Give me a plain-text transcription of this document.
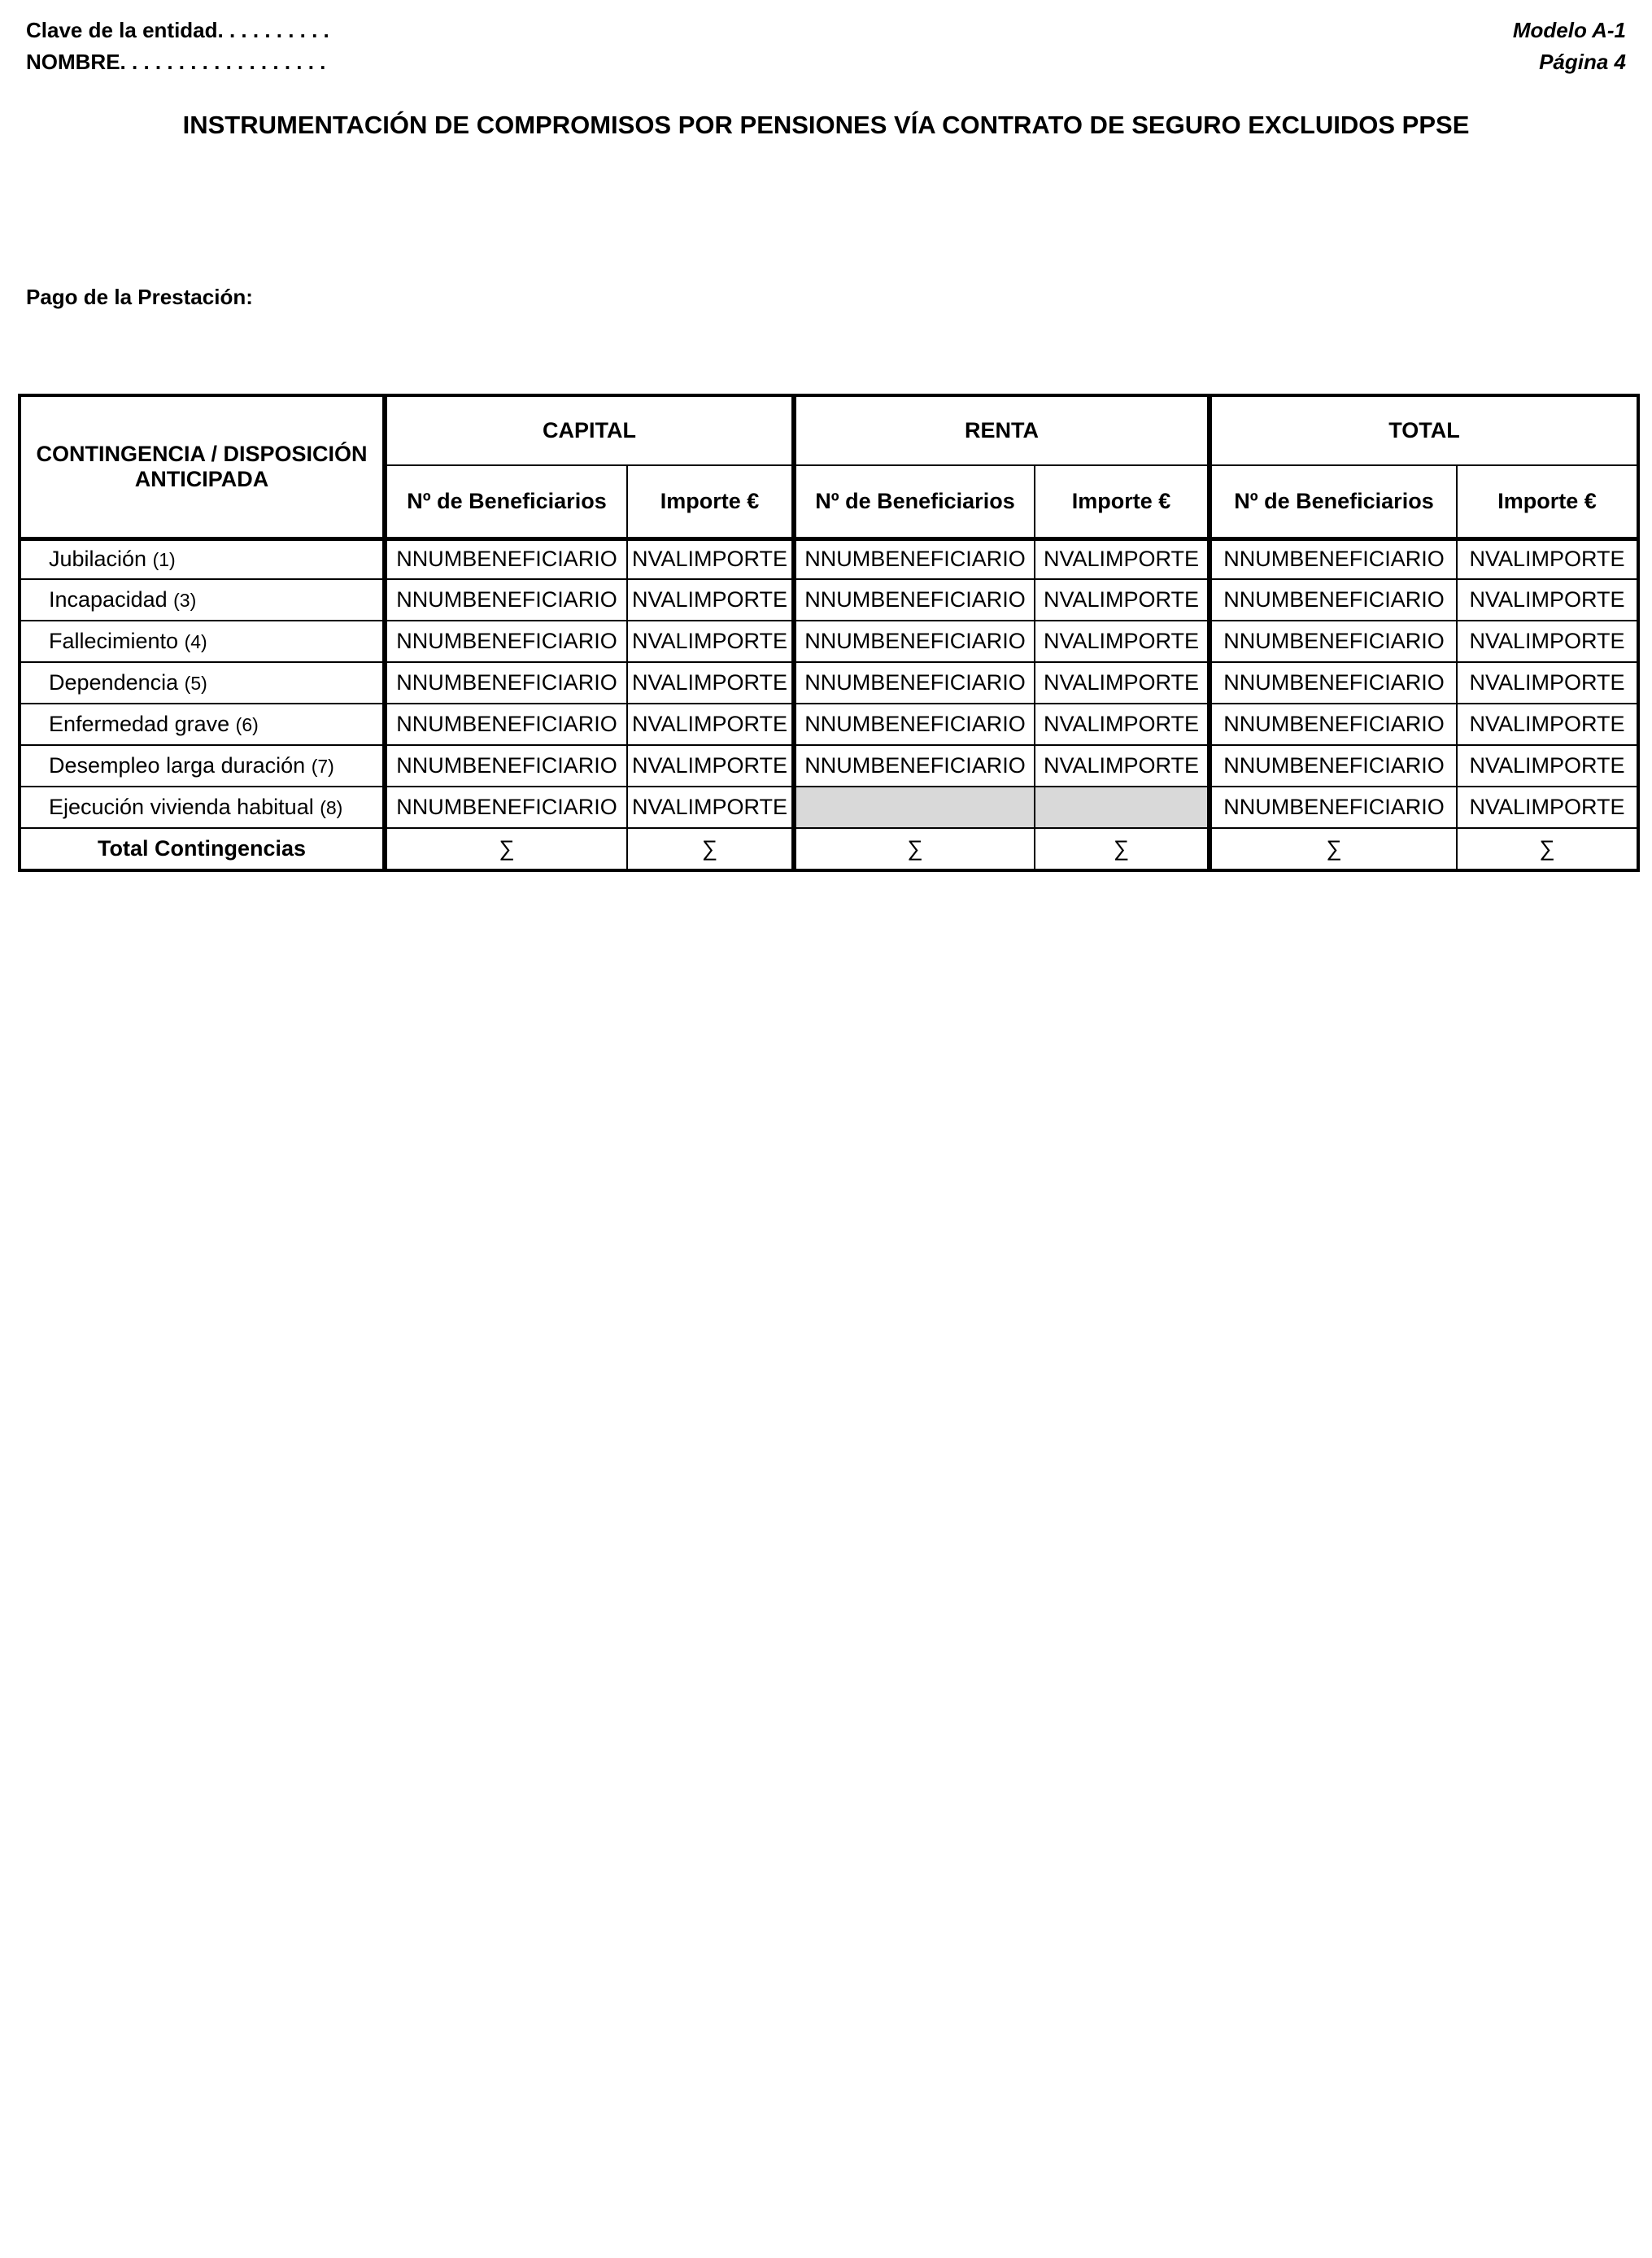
Clave de la entidad. . . . . . . . . .
NOMBRE. . . . . . . . . . . . . . . . . .
Modelo A-1
Página 4
INSTRUMENTACIÓN DE COMPROMISOS POR PENSIONES VÍA CONTRATO DE SEGURO EXCLUIDOS PPSE
Pago de la Prestación:
CONTINGENCIA / DISPOSICIÓN
ANTICIPADA	CAPITAL		RENTA		TOTAL	
	Nº de Beneficiarios	Importe €	Nº de Beneficiarios	Importe €	Nº de Beneficiarios	Importe €
Jubilación (1)	NNUMBENEFICIARIO	NVALIMPORTE	NNUMBENEFICIARIO	NVALIMPORTE	NNUMBENEFICIARIO	NVALIMPORTE
Incapacidad (3)	NNUMBENEFICIARIO	NVALIMPORTE	NNUMBENEFICIARIO	NVALIMPORTE	NNUMBENEFICIARIO	NVALIMPORTE
Fallecimiento (4)	NNUMBENEFICIARIO	NVALIMPORTE	NNUMBENEFICIARIO	NVALIMPORTE	NNUMBENEFICIARIO	NVALIMPORTE
Dependencia (5)	NNUMBENEFICIARIO	NVALIMPORTE	NNUMBENEFICIARIO	NVALIMPORTE	NNUMBENEFICIARIO	NVALIMPORTE
Enfermedad grave (6)	NNUMBENEFICIARIO	NVALIMPORTE	NNUMBENEFICIARIO	NVALIMPORTE	NNUMBENEFICIARIO	NVALIMPORTE
Desempleo larga duración (7)	NNUMBENEFICIARIO	NVALIMPORTE	NNUMBENEFICIARIO	NVALIMPORTE	NNUMBENEFICIARIO	NVALIMPORTE
Ejecución vivienda habitual (8)	NNUMBENEFICIARIO	NVALIMPORTE			NNUMBENEFICIARIO	NVALIMPORTE
Total Contingencias	∑	∑	∑	∑	∑	∑
